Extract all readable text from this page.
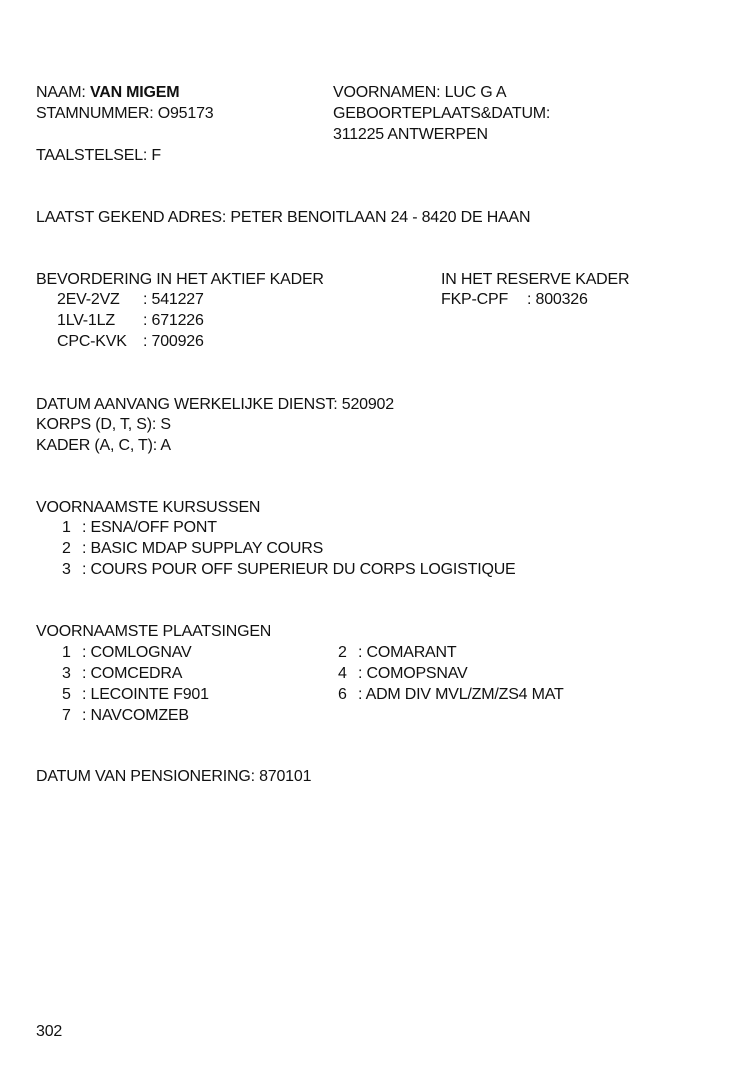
NAAM: VAN MIGEM
STAMNUMMER: O95173
TAALSTELSEL: F
VOORNAMEN: LUC G A
GEBOORTEPLAATS&DATUM:
311225 ANTWERPEN
LAATST GEKEND ADRES: PETER BENOITLAAN 24 - 8420 DE HAAN
BEVORDERING IN HET AKTIEF KADER
2EV-2VZ : 541227
1LV-1LZ : 671226
CPC-KVK : 700926
IN HET RESERVE KADER
FKP-CPF : 800326
DATUM AANVANG WERKELIJKE DIENST: 520902
KORPS (D, T, S): S
KADER (A, C, T): A
VOORNAAMSTE KURSUSSEN
1 : ESNA/OFF PONT
2 : BASIC MDAP SUPPLAY COURS
3 : COURS POUR OFF SUPERIEUR DU CORPS LOGISTIQUE
VOORNAAMSTE PLAATSINGEN
1 : COMLOGNAV
3 : COMCEDRA
5 : LECOINTE F901
7 : NAVCOMZEB
2 : COMARANT
4 : COMOPSNAV
6 : ADM DIV MVL/ZM/ZS4 MAT
DATUM VAN PENSIONERING: 870101
302
